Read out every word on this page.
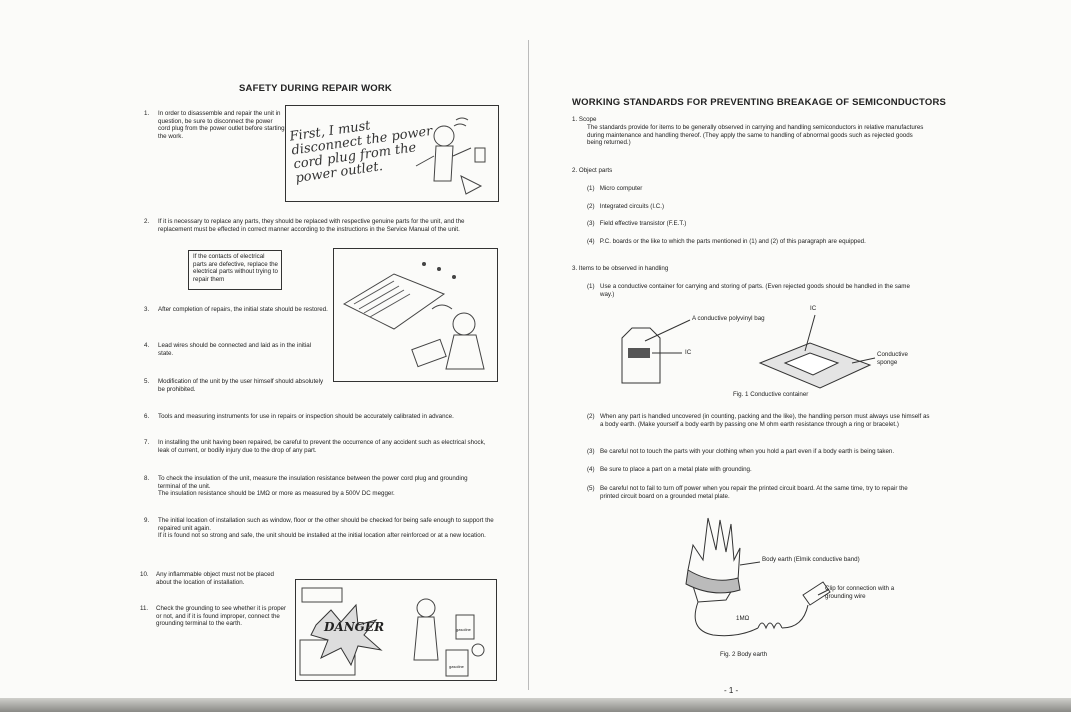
SAFETY DURING REPAIR WORK
1. In order to disassemble and repair the unit in question, be sure to disconnect the power cord plug from the power outlet before starting the work.	First, I must disconnect the power cord plug from the power outlet.
2. If it is necessary to replace any parts, they should be replaced with respective genuine parts for the unit, and the replacement must be effected in correct manner according to the instructions in the Service Manual of the unit.
If the contacts of electrical parts are defective, replace the electrical parts without trying to repair them
3. After completion of repairs, the initial state should be restored.
4. Lead wires should be connected and laid as in the initial state.
5. Modification of the unit by the user himself should absolutely be prohibited.
6. Tools and measuring instruments for use in repairs or inspection should be accurately calibrated in advance.
7. In installing the unit having been repaired, be careful to prevent the occurrence of any accident such as electrical shock, leak of current, or bodily injury due to the drop of any part.
8. To check the insulation of the unit, measure the insulation resistance between the power cord plug and grounding terminal of the unit.
The insulation resistance should be 1MΩ or more as measured by a 500V DC megger.
9. The initial location of installation such as window, floor or the other should be checked for being safe enough to support the repaired unit again.
If it is found not so strong and safe, the unit should be installed at the initial location after reinforced or at a new location.
10. Any inflammable object must not be placed about the location of installation.
11. Check the grounding to see whether it is proper or not, and if it is found improper, connect the grounding terminal to the earth.	DANGER	gasoline
gasoline
WORKING STANDARDS FOR PREVENTING BREAKAGE OF SEMICONDUCTORS
1. Scope
The standards provide for items to be generally observed in carrying and handling semiconductors in relative manufactures during maintenance and handling thereof. (They apply the same to handling of abnormal goods such as rejected goods being returned.)
2. Object parts
(1)   Micro computer
(2)   Integrated circuits (I.C.)
(3)   Field effective transistor (F.E.T.)
(4)   P.C. boards or the like to which the parts mentioned in (1) and (2) of this paragraph are equipped.
3. Items to be observed in handling
(1) Use a conductive container for carrying and storing of parts. (Even rejected goods should be handled in the same way.)
A conductive polyvinyl bag
IC
IC	Conductive sponge
Fig. 1 Conductive container
(2) When any part is handled uncovered (in counting, packing and the like), the handling person must always use himself as a body earth. (Make yourself a body earth by passing one M ohm earth resistance through a ring or bracelet.)
(3) Be careful not to touch the parts with your clothing when you hold a part even if a body earth is being taken.
(4) Be sure to place a part on a metal plate with grounding.
(5) Be careful not to fail to turn off power when you repair the printed circuit board. At the same time, try to repair the printed circuit board on a grounded metal plate.
Body earth (Elmik conductive band)
Clip for connection with a grounding wire
1MΩ
Fig. 2 Body earth
- 1 -
